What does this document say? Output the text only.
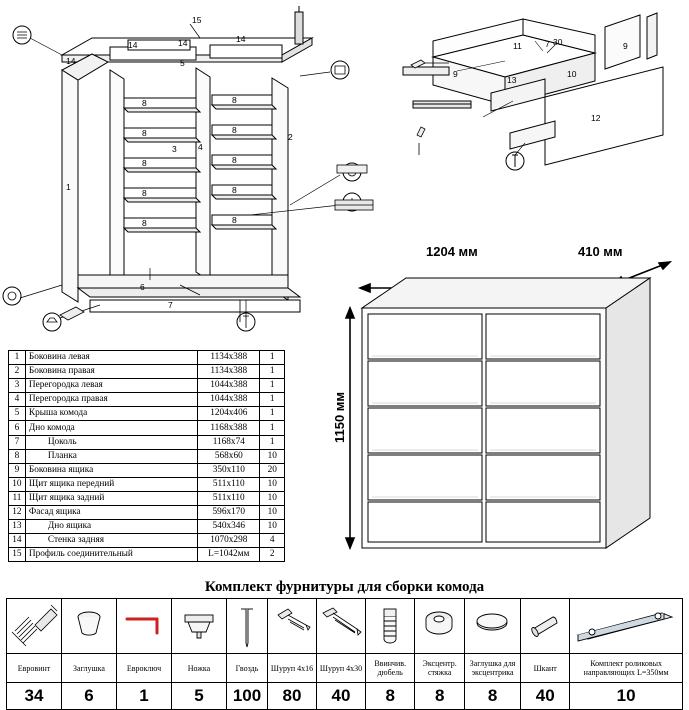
14
14	14	14
15
5
1
2
3	4
6
7
8
8
8
8
8
8
8
8
8
8
11	7 30	9
9
13
10
12
1	Боковина левая	1134х388	1
2	Боковина правая	1134х388	1
3	Перегородка левая	1044х388	1
4	Перегородка правая	1044х388	1
5	Крыша комода	1204х406	1
6	Дно комода	1168х388	1
7	Цоколь	1168х74	1
8	Планка	568х60	10
9	Боковина ящика	350х110	20
10	Щит ящика передний	511х110	10
11	Щит ящика задний	511х110	10
12	Фасад ящика	596х170	10
13	Дно ящика	540х346	10
14	Стенка задняя	1070х298	4
15	Профиль соединительный	L=1042мм	2
1204 мм	410 мм
1150 мм
Комплект фурнитуры для сборки комода

Евровинт	Заглушка	Евроключ	Ножка	Гвоздь	Шуруп 4х16	Шуруп 4х30	Ввинчив. дюбель	Эксцентр. стяжка	Заглушка для эксцентрика	Шкант	Комплект роликовых направляющих L=350мм
34	6	1	5	100	80	40	8	8	8	40	10
